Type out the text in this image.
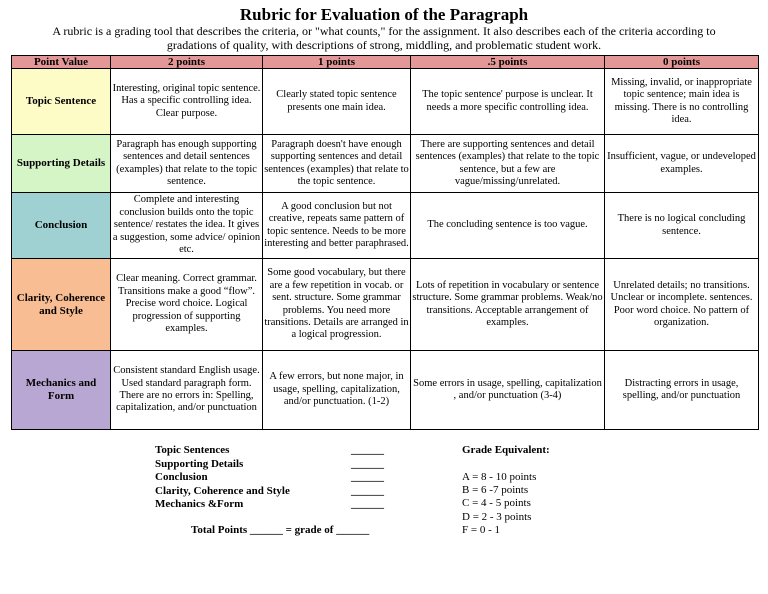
Rubric for Evaluation of the Paragraph
A rubric is a grading tool that describes the criteria, or "what counts," for the assignment. It also describes each of the criteria according to gradations of quality, with descriptions of strong, middling, and problematic student work.
Point Value	2 points	1 points	.5 points	0 points
Topic Sentence	Interesting, original topic sentence. Has a specific controlling idea. Clear purpose.	Clearly stated topic sentence presents one main idea.	The topic sentence' purpose is unclear. It needs a more specific controlling idea.	Missing, invalid, or inappropriate topic sentence; main idea is missing. There is no controlling idea.
Supporting Details	Paragraph has enough supporting sentences and detail sentences (examples) that relate to the topic sentence.	Paragraph doesn't have enough supporting sentences and detail sentences (examples) that relate to the topic sentence.	There are supporting sentences and detail sentences (examples) that relate to the topic sentence, but a few are vague/missing/unrelated.	Insufficient, vague, or undeveloped examples.
Conclusion	Complete and interesting conclusion builds onto the topic sentence/ restates the idea. It gives a suggestion, some advice/ opinion etc.	A good conclusion but not creative, repeats same pattern of topic sentence. Needs to be more interesting and better paraphrased.	The concluding sentence is too vague.	There is no logical concluding sentence.
Clarity, Coherence and Style	Clear meaning. Correct grammar. Transitions make a good “flow”. Precise word choice. Logical progression of supporting examples.	Some good vocabulary, but there are a few repetition in vocab. or sent. structure. Some grammar problems. You need more transitions. Details are arranged in a logical progression.	Lots of repetition in vocabulary or sentence structure. Some grammar problems. Weak/no transitions. Acceptable arrangement of examples.	Unrelated details; no transitions. Unclear or incomplete. sentences. Poor word choice. No pattern of organization.
Mechanics and Form	Consistent standard English usage. Used standard paragraph form. There are no errors in: Spelling, capitalization, and/or punctuation	A few errors, but none major, in usage, spelling, capitalization, and/or punctuation. (1-2)	Some errors in usage, spelling, capitalization , and/or punctuation (3-4)	Distracting errors in usage, spelling, and/or punctuation
Topic Sentences	______
Supporting Details	______
Conclusion	______
Clarity, Coherence and Style	______
Mechanics &Form	______
Total Points ______ = grade of ______
Grade Equivalent:
A = 8 - 10 points
B = 6 -7 points
C = 4 - 5 points
D = 2 - 3 points
F = 0 - 1
